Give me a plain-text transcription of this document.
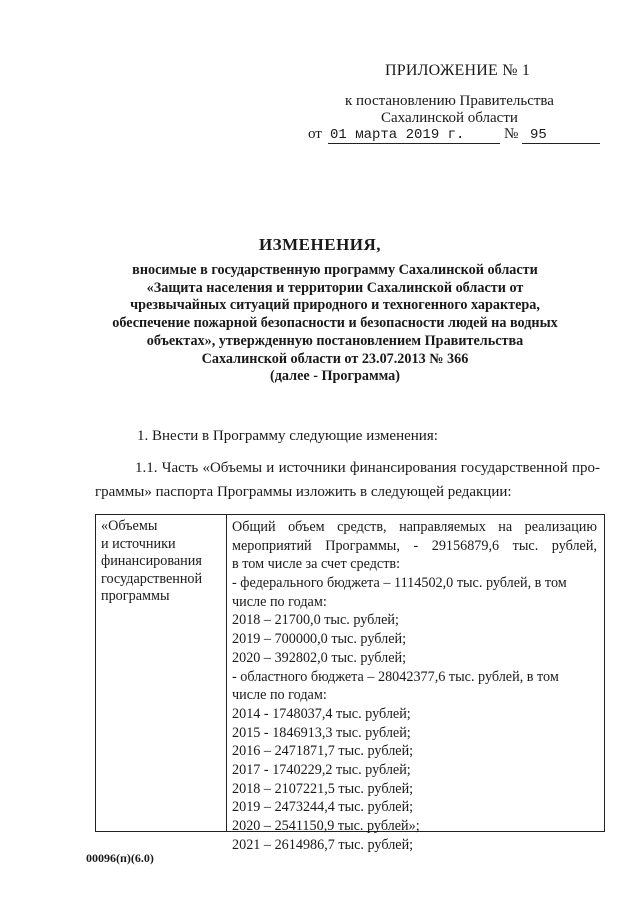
ПРИЛОЖЕНИЕ № 1
к постановлению Правительства
Сахалинской области
от 01 марта 2019 г.	№ 95
ИЗМЕНЕНИЯ,
вносимые в государственную программу Сахалинской области
«Защита населения и территории Сахалинской области от
чрезвычайных ситуаций природного и техногенного характера,
обеспечение пожарной безопасности и безопасности людей на водных
объектах», утвержденную постановлением Правительства
Сахалинской области от 23.07.2013 № 366
(далее - Программа)
1. Внести в Программу следующие изменения:
1.1. Часть «Объемы и источники финансирования государственной про-граммы» паспорта Программы изложить в следующей редакции:
«Объемы
и источники
финансирования
государственной
программы
Общий объем средств, направляемых на реализацию
мероприятий Программы, - 29156879,6 тыс. рублей,
в том числе за счет средств:
- федерального бюджета – 1114502,0 тыс. рублей, в том
числе по годам:
2018 – 21700,0 тыс. рублей;
2019 – 700000,0 тыс. рублей;
2020 – 392802,0 тыс. рублей;
- областного бюджета – 28042377,6 тыс. рублей, в том
числе по годам:
2014 - 1748037,4 тыс. рублей;
2015 - 1846913,3 тыс. рублей;
2016 – 2471871,7 тыс. рублей;
2017 - 1740229,2 тыс. рублей;
2018 – 2107221,5 тыс. рублей;
2019 – 2473244,4 тыс. рублей;
2020 – 2541150,9 тыс. рублей»;
2021 – 2614986,7 тыс. рублей;
00096(п)(6.0)
